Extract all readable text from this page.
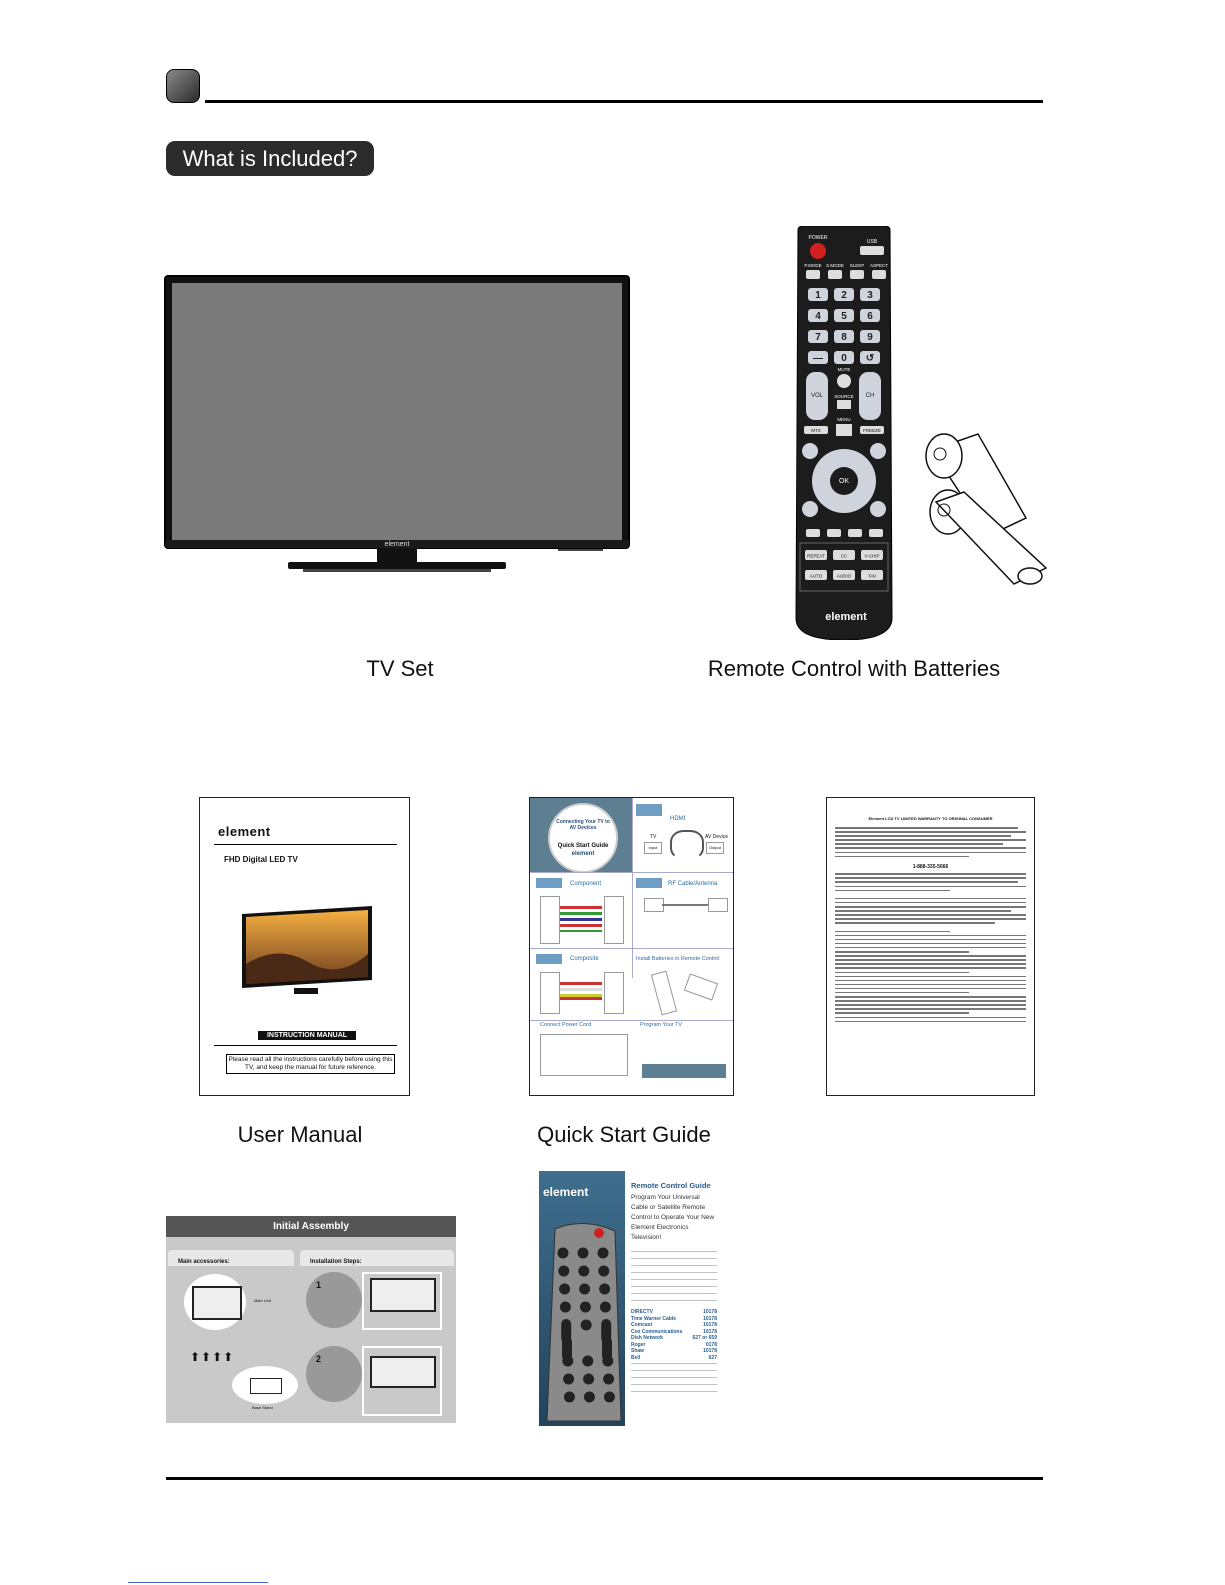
What is Included?
element
POWER
USB
P.MODE S.MODE SLEEP ASPECT
1 2 3
4 5 6
7 8 9
— 0 ↺
VOL	CH
MUTE
SOURCE
MTS	FREEZE
MENU
OK
REPEAT	CC	V-CHIP
AUTO	AUDIO	TAV
element
TV Set	Remote Control with Batteries
element
FHD Digital LED TV
INSTRUCTION MANUAL
Please read all the instructions carefully before using this TV, and keep the manual for future reference.
Connecting Your TV to AV Devices
Quick Start Guide
element
HDMI
TV	AV Device
Input	Output
Component	RF Cable/Antenna
Composite	Install Batteries in Remote Control
Connect Power Cord	Program Your TV
Element LCD TV LIMITED WARRANTY TO ORIGINAL CONSUMER
1-888-335-5666
User Manual	Quick Start Guide
Initial Assembly
Main accessories:	Installation Steps:
Main Unit
⬆⬆⬆⬆
Base Stand
1
2
element	Remote Control Guide
Program Your Universal Cable or Satellite Remote Control to Operate Your New Element Electronics Television!
DIRECTV	10178
Time Warner Cable	10178
Comcast	10178
Cox Communications	10178
Dish Network	627 or 659
Roger	0178
Shaw	10178
Bell	627
